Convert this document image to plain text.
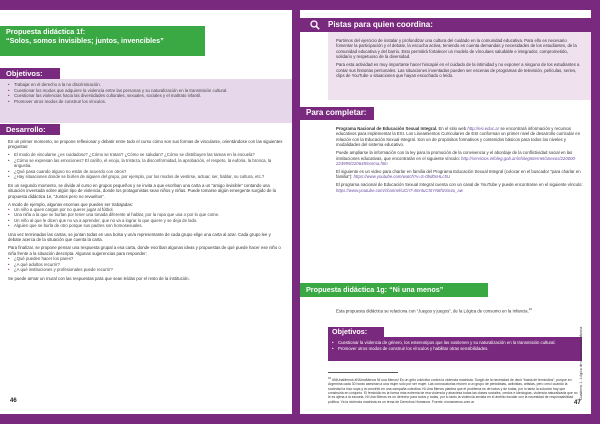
Propuesta didáctica 1f:
“Solos, somos invisibles; juntos, invencibles”
Objetivos:
• Trabajar en el derecho a la no discriminación.
• Cuestionar los modos que adquiere la violencia entre las personas y su naturalización en la transmisión cultural.
• Cuestionar las violencias hacia las diversidades culturales, sexuales, sociales y el maltrato infantil.
• Promover otros modos de construir los vínculos.
Desarrollo:

En un primer momento, se propone reflexionar y debatir entre todo el curso cómo son sus formas de vincularse, orientándose con las siguientes preguntas:

• El modo de vincularse ¿es cuidadoso? ¿Cómo se tratan? ¿Cómo se saludan? ¿Cómo se distribuyen las tareas en la escuela?
• ¿Cómo se expresan las emociones? El cariño, el enojo, la tristeza, la disconformidad, la aprobación, el respeto, la euforia, la bronca, la angustia.
• ¿Qué pasa cuando alguno no están de acuerdo con otros?
• ¿Hay situaciones donde se burlen de alguien del grupo, por ejemplo, por los modos de vestirse, actuar, ser, hablar, su cultura, etc.?

En un segundo momento, se divide al curso en grupos pequeños y se invita a que escriban una carta a un “amigo invisible” contando una situación inventada sobre algún tipo de violencia, donde los protagonistas sean niños y niñas. Puede tomarse algún emergente surgido de la propuesta didáctica 1e, “Juntos pero no revueltos”.

A modo de ejemplo, algunas escenas que pueden ser trabajadas:

• Un niño a quien cargan por no querer jugar al fútbol.
• Una niña a la que se burlan por tener una tonada diferente al hablar, por la ropa que usa o por lo que come.
• Un niño al que le dicen que no va a aprender, que no va a lograr lo que quiere y se deja de lado.
• Alguien que se burla de otro porque sus padres son homosexuales.

Una vez terminadas las cartas, se juntan todas en una bolsa y un/a representante de cada grupo elige una carta al azar. Cada grupo lee y debate acerca de la situación que cuenta la carta.

Para finalizar, se propone pensar una respuesta grupal a esa carta, donde escriban algunas ideas y propuestas de qué puede hacer ese niño o niña frente a la situación descripta. Algunas sugerencias para responder:

• ¿Qué pueden hacer los pares?
• ¿A qué adultos recurrir?
• ¿A qué instituciones y profesionales puede recurrir?

Se puede armar un mural con las respuestas para que sean leídas por el resto de la institución.

46
Pistas para quien coordina:

Partimos del ejercicio de instalar y profundizar una cultura del cuidado en la comunidad educativa. Para ello es necesario fomentar la participación y el debate, la escucha activa, teniendo en cuenta demandas y necesidades de los estudiantes, de la comunidad educativa y del barrio. Esto permitirá fortalecer un modelo de vínculaes saludable e integrador, comprometido, solidario y respetuoso de la diversidad.

Para esta actividad es muy importante hacer hincapié en el cuidado de la intimidad y no exponer a ninguno de los estudiantes a contar sus historias personales. Las situaciones inventadas pueden ser escenas de programas de televisión, películas, series, clips de YouTube o situaciones que hayan escuchado o leído.

Para completar:

Programa Nacional de Educación Sexual Integral. En el sitio web http://esi.educ.ar se encontrará información y recursos educativos para implementar la ESI. Los Lineamientos Curriculares de ESI conforman un primer nivel de desarrollo curricular en relación con la Educación Sexual Integral. Son un de propósitos formativos y contenidos básicos para todos los niveles y modalidades del sistema educativo.

Puede ampliarse la información con la ley para la promoción de la convivencia y el abordaje de la conflictividad social en las instituciones educativas, que encontrarán en el siguiente vínculo: http://servicios.infoleg.gob.ar/infolegInternet/anexos/220000-224999/220649/norma.htm

El siguiente es un video para charlar en familia del Programa Educación Sexual Integral (colocar en el buscador “para charlar en familia”): https://www.youtube.com/watch?v=S-0bd0xHLc5U

El programa nacional de Educación Sexual Integral cuenta con un canal de YouTube y puede encontrarse en el siguiente vínculo: https://www.youtube.com/channel/UCnT-4mntuC5tYN8hzSn4u_aw

Propuesta didáctica 1g: “Ni una menos”
Esta propuesta didáctica se relaciona con “Juegos y juegos”, de la Lógica de consumo en la Infancia.$^{10}$
Objetivos:
• Cuestionar la violencia de género, los estereotipos que las sostienen y su naturalización en la transmisión cultural.
• Promover otros modos de construir los vínculos y habilitar otras sensibilidades.
$^{10}$ #NiUnaMenos #NiUnaMenos Ni una Menos! Es un grito colectivo contra la violencia machista. Surgió de la necesidad de decir “basta de femicidios”, porque en Argentina cada 30 horas asesinan a una mujer sólo por ser mujer. Las convocatorias reúnen a un grupo de periodistas, activistas, artistas, pero crecí cuando la sociedad la hizo suya y la convirtió en una campaña colectiva. Ni Una Menos plantea que el problema es de todos y de todas, por lo tanto la solución hay que construirla en conjunto. El femicidio es la forma más extrema de esa violencia y atraviesa todas las clases sociales, credos e ideologías, violencia naturalizada que no le es ajena a la escuela. Ni Una Menos es un derecho para todos y todas, por lo tanto la violencia sexista en el ámbito escolar con la necesidad de responsabilidad política. Ya la violencia machista es un tema de Derechos Humanos. Fuente: niunamenos.com.ar
Cuaderno 1 - Lógica de consumo en la infancia
47
